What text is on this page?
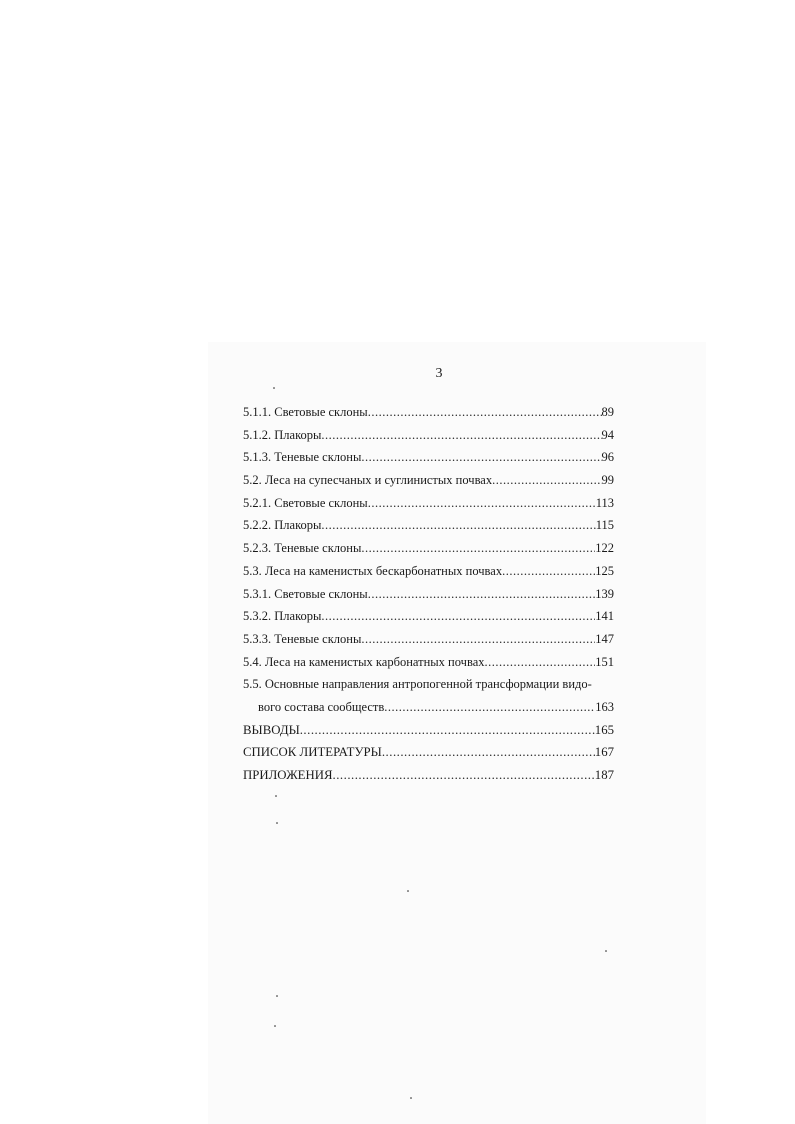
3
5.1.1. Световые склоны .....	89
5.1.2. Плакоры .....	94
5.1.3. Теневые склоны .....	96
5.2. Леса на супесчаных и суглинистых почвах .....	99
5.2.1. Световые склоны .....	113
5.2.2. Плакоры .....	115
5.2.3. Теневые склоны .....	122
5.3. Леса на каменистых бескарбонатных почвах .....	125
5.3.1. Световые склоны .....	139
5.3.2. Плакоры .....	141
5.3.3. Теневые склоны .....	147
5.4. Леса на каменистых карбонатных почвах .....	151
5.5. Основные направления антропогенной трансформации видо-
вого состава сообществ .....	163
ВЫВОДЫ .....	165
СПИСОК ЛИТЕРАТУРЫ .....	167
ПРИЛОЖЕНИЯ .....	187
